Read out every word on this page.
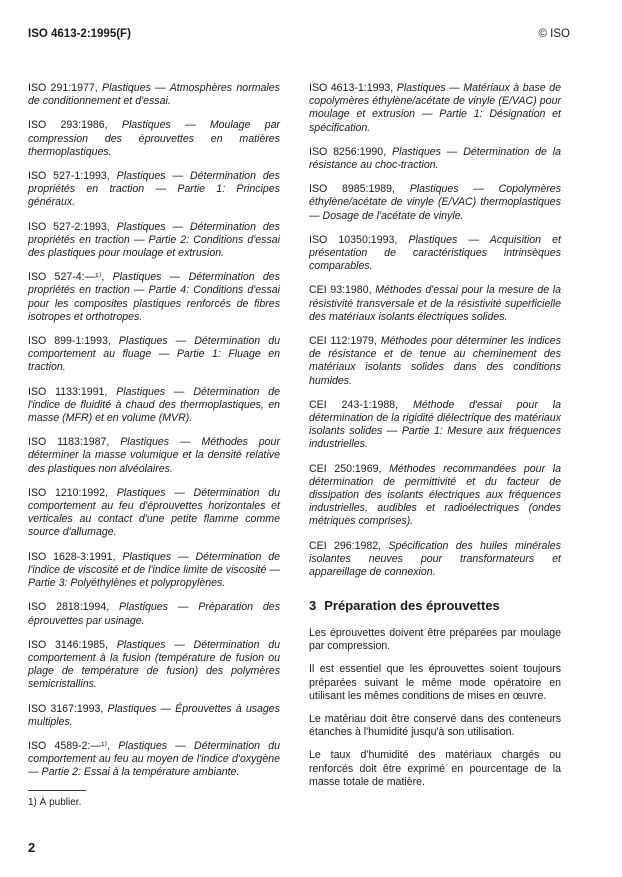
ISO 4613-2:1995(F)	© ISO

ISO 291:1977, Plastiques — Atmosphères normales de conditionnement et d'essai.

ISO 293:1986, Plastiques — Moulage par compression des éprouvettes en matières thermoplastiques.

ISO 527-1:1993, Plastiques — Détermination des propriétés en traction — Partie 1: Principes généraux.

ISO 527-2:1993, Plastiques — Détermination des propriétés en traction — Partie 2: Conditions d'essai des plastiques pour moulage et extrusion.

ISO 527-4:—¹⁾, Plastiques — Détermination des propriétés en traction — Partie 4: Conditions d'essai pour les composites plastiques renforcés de fibres isotropes et orthotropes.

ISO 899-1:1993, Plastiques — Détermination du comportement au fluage — Partie 1: Fluage en traction.

ISO 1133:1991, Plastiques — Détermination de l'indice de fluidité à chaud des thermoplastiques, en masse (MFR) et en volume (MVR).

ISO 1183:1987, Plastiques — Méthodes pour déterminer la masse volumique et la densité relative des plastiques non alvéolaires.

ISO 1210:1992, Plastiques — Détermination du comportement au feu d'éprouvettes horizontales et verticales au contact d'une petite flamme comme source d'allumage.

ISO 1628-3:1991, Plastiques — Détermination de l'indice de viscosité et de l'indice limite de viscosité — Partie 3: Polyéthylènes et polypropylènes.

ISO 2818:1994, Plastiques — Préparation des éprouvettes par usinage.

ISO 3146:1985, Plastiques — Détermination du comportement à la fusion (température de fusion ou plage de température de fusion) des polymères semicristallins.

ISO 3167:1993, Plastiques — Éprouvettes à usages multiples.

ISO 4589-2:—¹⁾, Plastiques — Détermination du comportement au feu au moyen de l'indice d'oxygène — Partie 2: Essai à la température ambiante.

ISO 4613-1:1993, Plastiques — Matériaux à base de copolymères éthylène/acétate de vinyle (E/VAC) pour moulage et extrusion — Partie 1: Désignation et spécification.

ISO 8256:1990, Plastiques — Détermination de la résistance au choc-traction.

ISO 8985:1989, Plastiques — Copolymères éthylène/acétate de vinyle (E/VAC) thermoplastiques — Dosage de l'acétate de vinyle.

ISO 10350:1993, Plastiques — Acquisition et présentation de caractéristiques intrinsèques comparables.

CEI 93:1980, Méthodes d'essai pour la mesure de la résistivité transversale et de la résistivité superficielle des matériaux isolants électriques solides.

CEI 112:1979, Méthodes pour déterminer les indices de résistance et de tenue au cheminement des matériaux isolants solides dans des conditions humides.

CEI 243-1:1988, Méthode d'essai pour la détermination de la rigidité diélectrique des matériaux isolants solides — Partie 1: Mesure aux fréquences industrielles.

CEI 250:1969, Méthodes recommandées pour la détermination de permittivité et du facteur de dissipation des isolants électriques aux fréquences industrielles, audibles et radioélectriques (ondes métriques comprises).

CEI 296:1982, Spécification des huiles minérales isolantes neuves pour transformateurs et appareillage de connexion.

3 Préparation des éprouvettes

Les éprouvettes doivent être préparées par moulage par compression.

Il est essentiel que les éprouvettes soient toujours préparées suivant le même mode opératoire en utilisant les mêmes conditions de mises en œuvre.

Le matériau doit être conservé dans des conteneurs étanches à l'humidité jusqu'à son utilisation.

Le taux d'humidité des matériaux chargés ou renforcés doit être exprimé en pourcentage de la masse totale de matière.

1) À publier.
2
